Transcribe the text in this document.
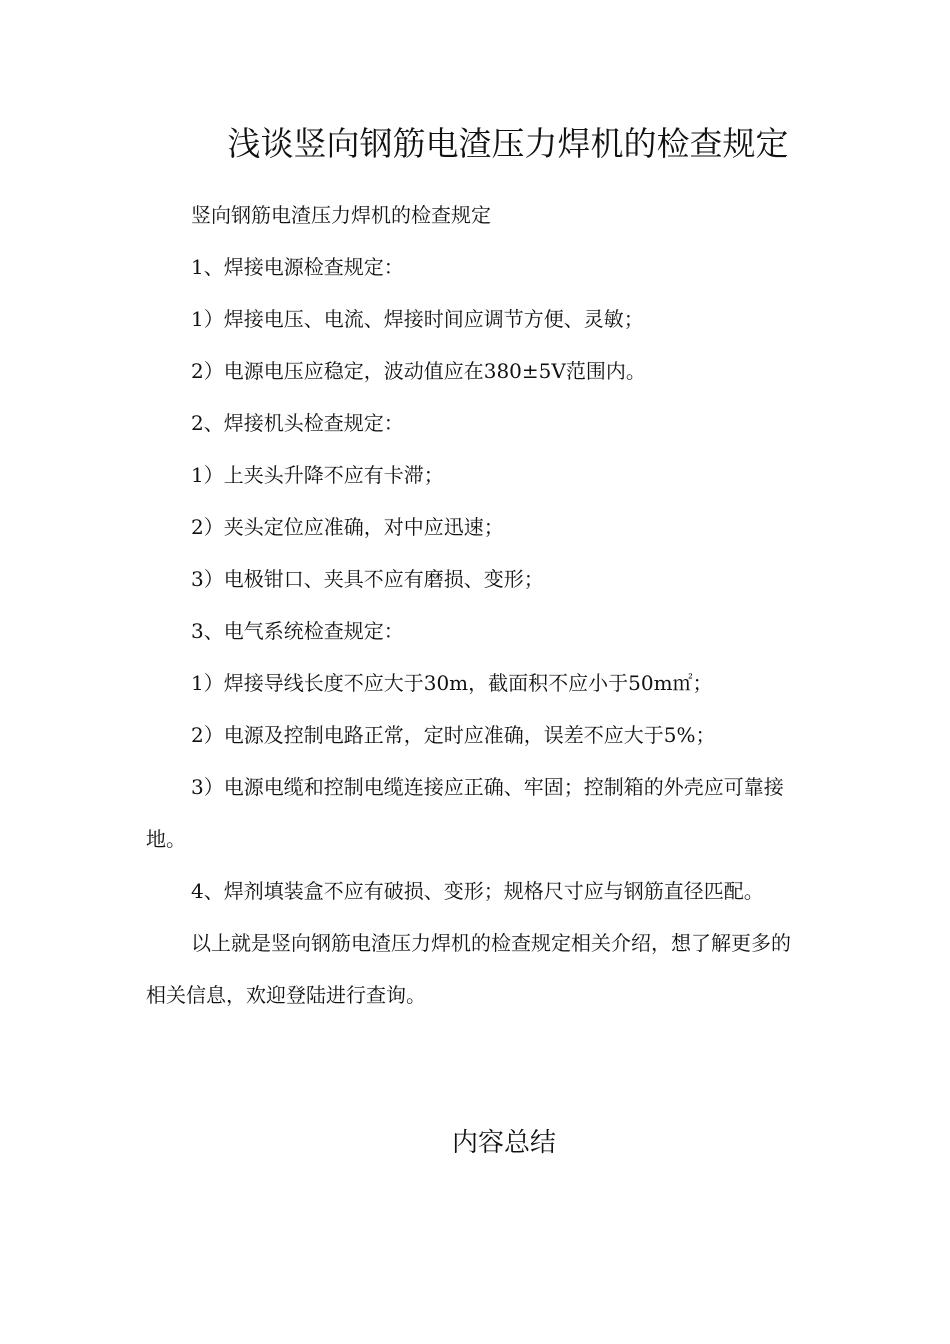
浅谈竖向钢筋电渣压力焊机的检查规定

竖向钢筋电渣压力焊机的检查规定

1、焊接电源检查规定：

1）焊接电压、电流、焊接时间应调节方便、灵敏；

2）电源电压应稳定，波动值应在380±5V范围内。

2、焊接机头检查规定：

1）上夹头升降不应有卡滞；

2）夹头定位应准确，对中应迅速；

3）电极钳口、夹具不应有磨损、变形；

3、电气系统检查规定：

1）焊接导线长度不应大于30m，截面积不应小于50m㎡；

2）电源及控制电路正常，定时应准确，误差不应大于5%；

3）电源电缆和控制电缆连接应正确、牢固；控制箱的外壳应可靠接地。

4、焊剂填装盒不应有破损、变形；规格尺寸应与钢筋直径匹配。

以上就是竖向钢筋电渣压力焊机的检查规定相关介绍，想了解更多的相关信息，欢迎登陆进行查询。

内容总结
